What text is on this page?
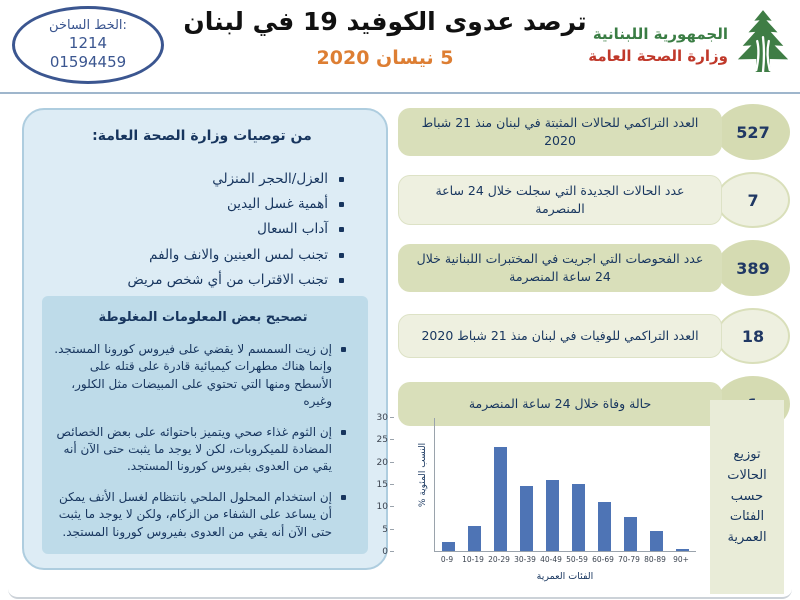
الخط الساخن:
1214
01594459
ترصد عدوى الكوفيد 19 في لبنان
5 نيسان 2020
الجمهورية اللبنانية
وزارة الصحة العامة
من توصيات وزارة الصحة العامة:
العزل/الحجر المنزلي
أهمية غسل اليدين
آداب السعال
تجنب لمس العينين والانف والفم
تجنب الاقتراب من أي شخص مريض
تصحيح بعض المعلومات المغلوطة
إن زيت السمسم لا يقضي على فيروس كورونا المستجد. وإنما هناك مطهرات كيميائية قادرة على قتله على الأسطح ومنها التي تحتوي على المبيضات مثل الكلور، وغيره
إن الثوم غذاء صحي ويتميز باحتوائه على بعض الخصائص المضادة للميكروبات، لكن لا يوجد ما يثبت حتى الآن أنه يقي من العدوى بفيروس كورونا المستجد.
إن استخدام المحلول الملحي بانتظام لغسل الأنف يمكن أن يساعد على الشفاء من الزكام، ولكن لا يوجد ما يثبت حتى الآن أنه يقي من العدوى بفيروس كورونا المستجد.
527
العدد التراكمي للحالات المثبتة في لبنان منذ 21 شباط 2020
7
عدد الحالات الجديدة التي سجلت خلال 24 ساعة المنصرمة
389
عدد الفحوصات التي اجريت في المختبرات اللبنانية خلال 24 ساعة المنصرمة
18
العدد التراكمي للوفيات في لبنان منذ 21 شباط 2020
حالة وفاة خلال 24 ساعة المنصرمة
النسب المئوية %
0
5
10
15
20
25
30
0-9	10-19 20-29 30-39 40-49 50-59 60-69 70-79 80-89 90+
الفئات العمرية
توزيع الحالات حسب الفئات العمرية
